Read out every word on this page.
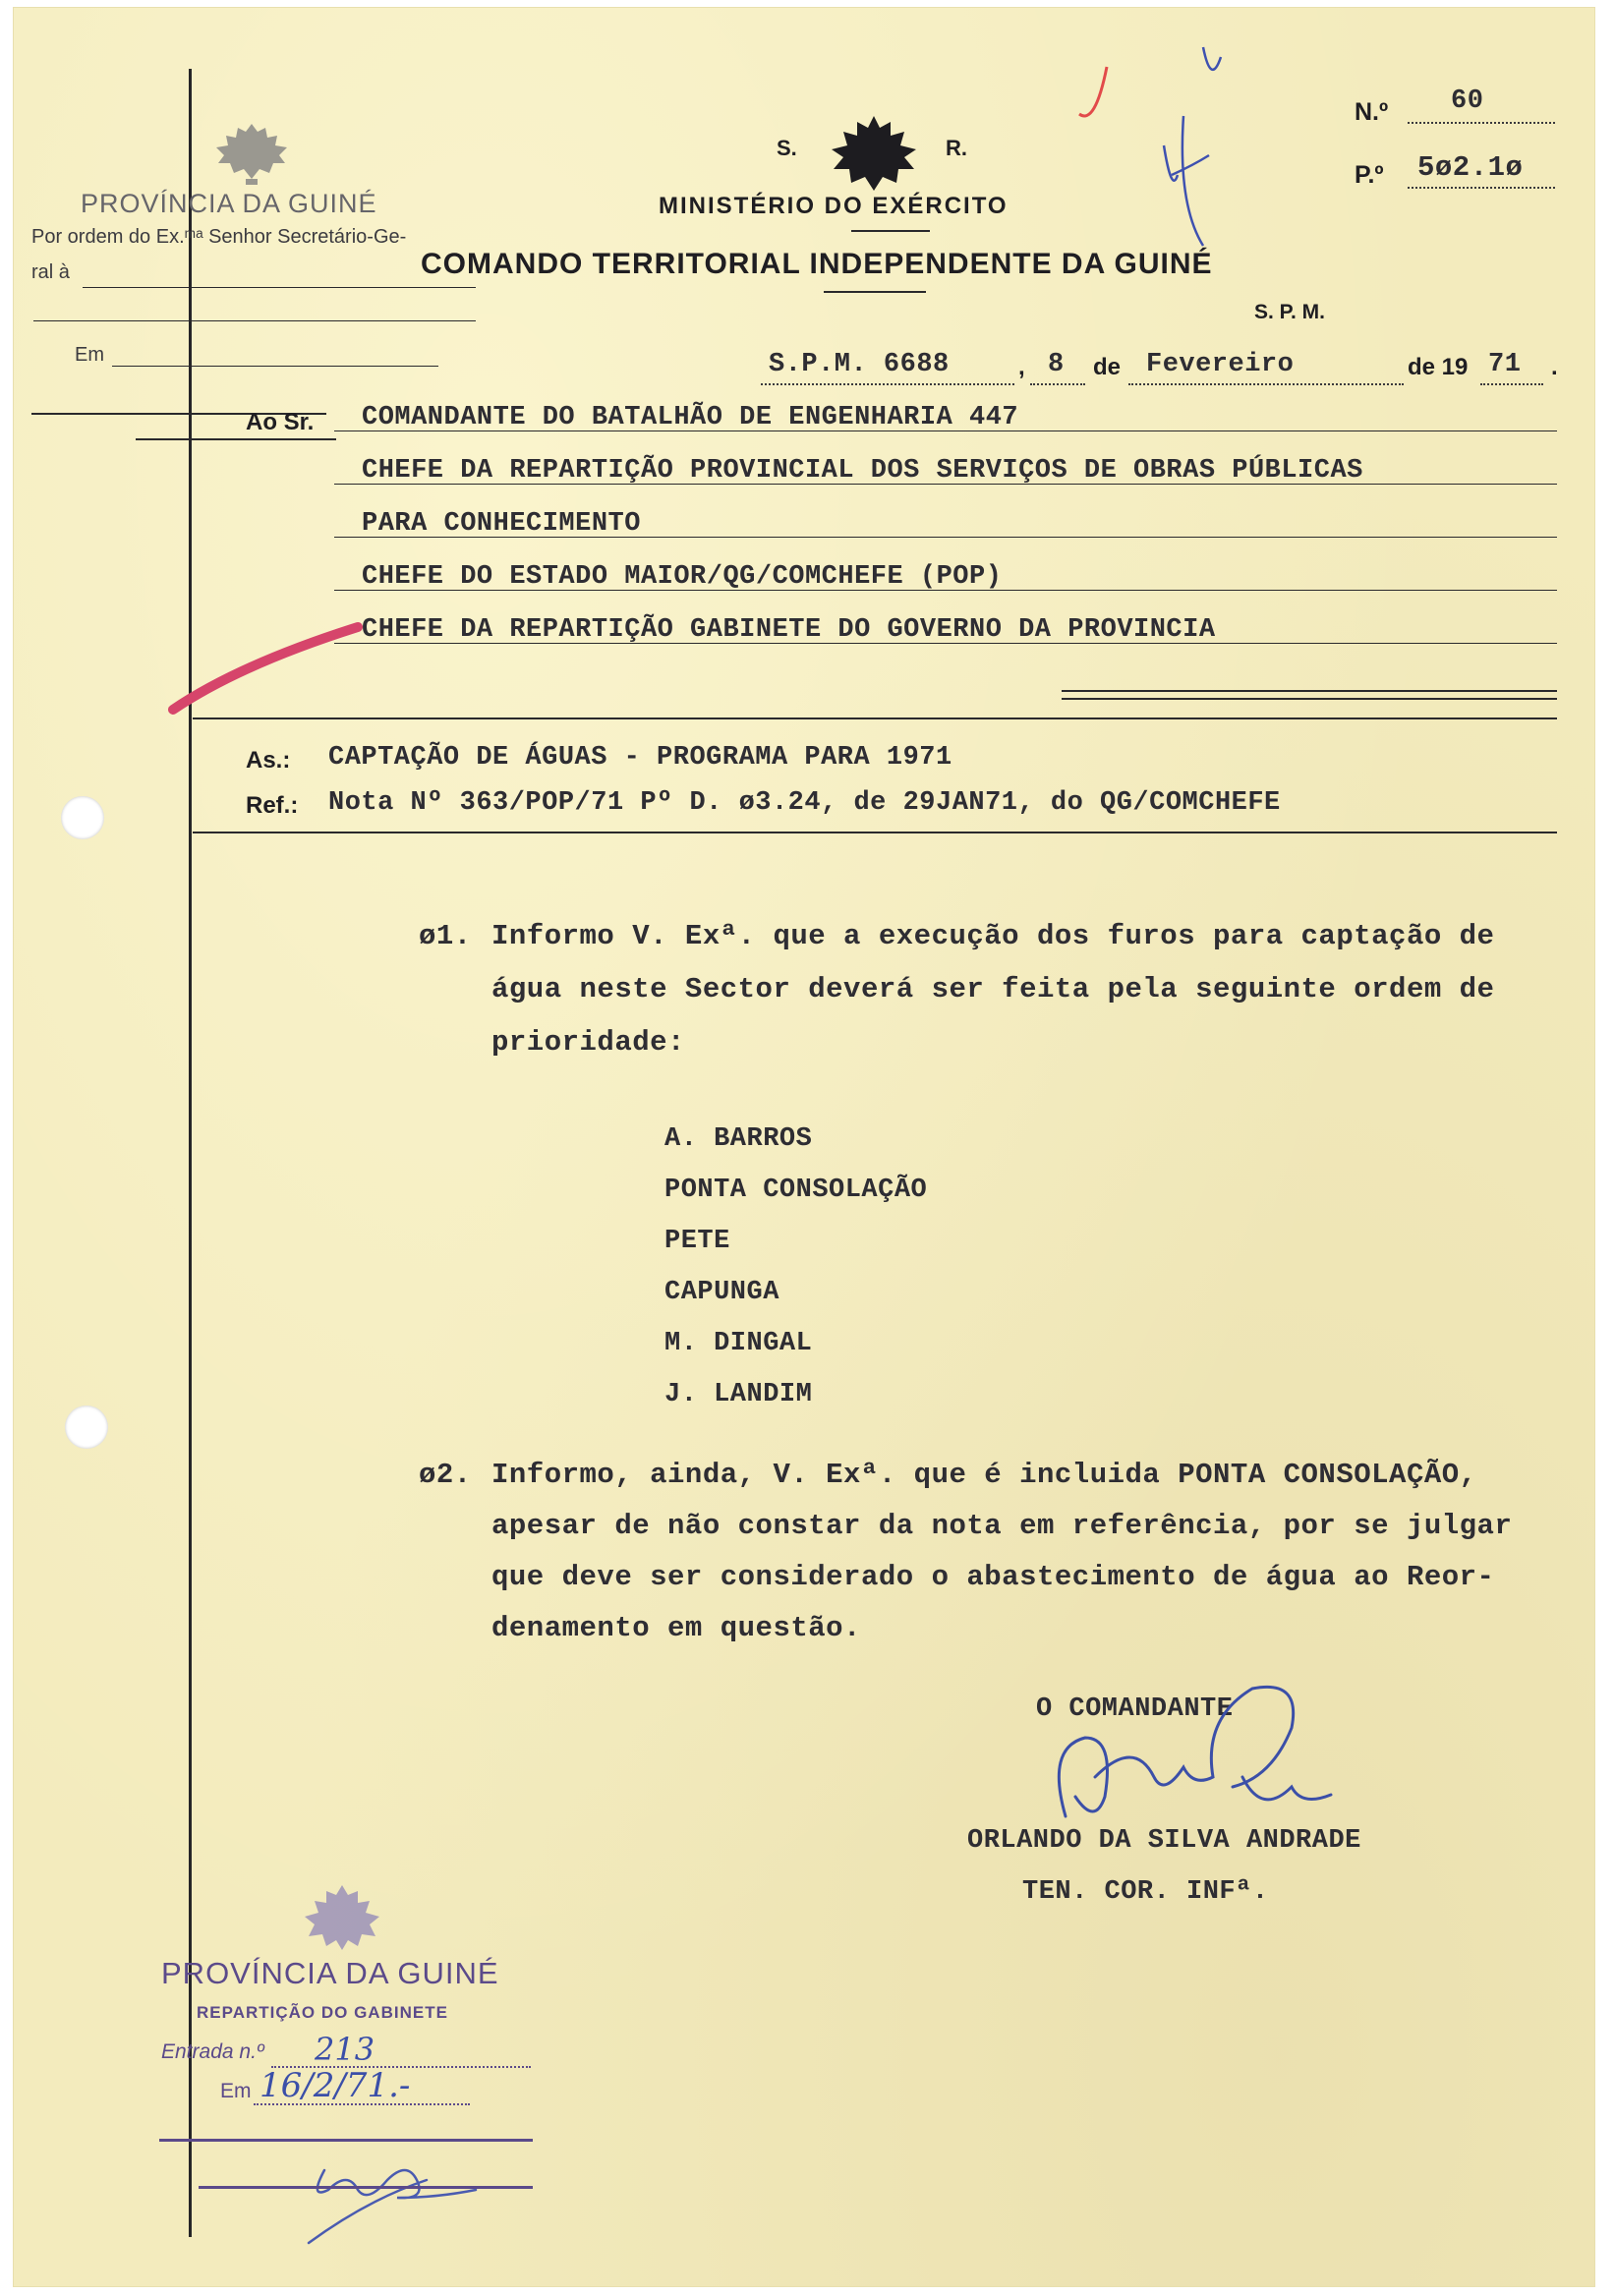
PROVÍNCIA DA GUINÉ
Por ordem do Ex.ᵐᵃ Senhor Secretário-Ge-
ral à
Em
S.	R.
MINISTÉRIO DO EXÉRCITO
COMANDO TERRITORIAL INDEPENDENTE DA GUINÉ
S. P. M.
N.º 60
P.º 5ø2.1ø
S.P.M. 6688	, 8 de Fevereiro	de 19 71 .
Ao Sr. COMANDANTE DO BATALHÃO DE ENGENHARIA 447
CHEFE DA REPARTIÇÃO PROVINCIAL DOS SERVIÇOS DE OBRAS PÚBLICAS
PARA CONHECIMENTO
CHEFE DO ESTADO MAIOR/QG/COMCHEFE (POP)
CHEFE DA REPARTIÇÃO GABINETE DO GOVERNO DA PROVINCIA
As.: CAPTAÇÃO DE ÁGUAS - PROGRAMA PARA 1971
Ref.: Nota Nº 363/POP/71 Pº D. ø3.24, de 29JAN71, do QG/COMCHEFE
ø1. Informo V. Exª. que a execução dos furos para captação de
água neste Sector deverá ser feita pela seguinte ordem de
prioridade:
A. BARROS
PONTA CONSOLAÇÃO
PETE
CAPUNGA
M. DINGAL
J. LANDIM
ø2. Informo, ainda, V. Exª. que é incluida PONTA CONSOLAÇÃO,
apesar de não constar da nota em referência, por se julgar
que deve ser considerado o abastecimento de água ao Reor-
denamento em questão.
O COMANDANTE
ORLANDO DA SILVA ANDRADE
TEN. COR. INFª.
PROVÍNCIA DA GUINÉ
REPARTIÇÃO DO GABINETE
Entrada n.º 213
Em 16/2/71.-
